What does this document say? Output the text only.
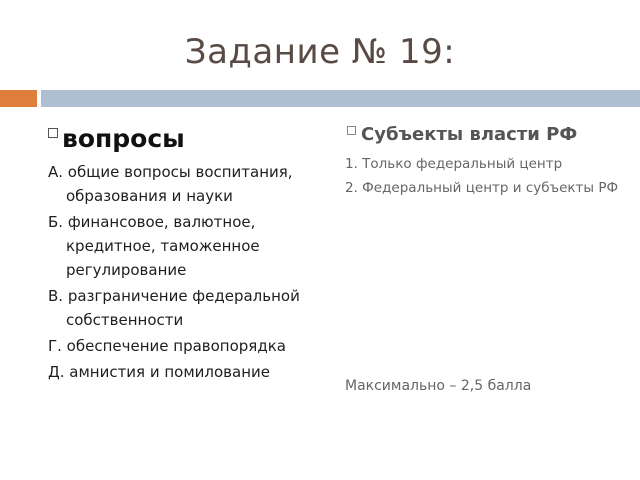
Задание № 19:
вопросы
А. общие вопросы воспитания, образования и науки
Б. финансовое, валютное, кредитное, таможенное регулирование
В. разграничение федеральной собственности
Г. обеспечение правопорядка
Д. амнистия и помилование
Субъекты власти РФ
1. Только федеральный центр
2. Федеральный центр и субъекты РФ
Максимально – 2,5 балла
